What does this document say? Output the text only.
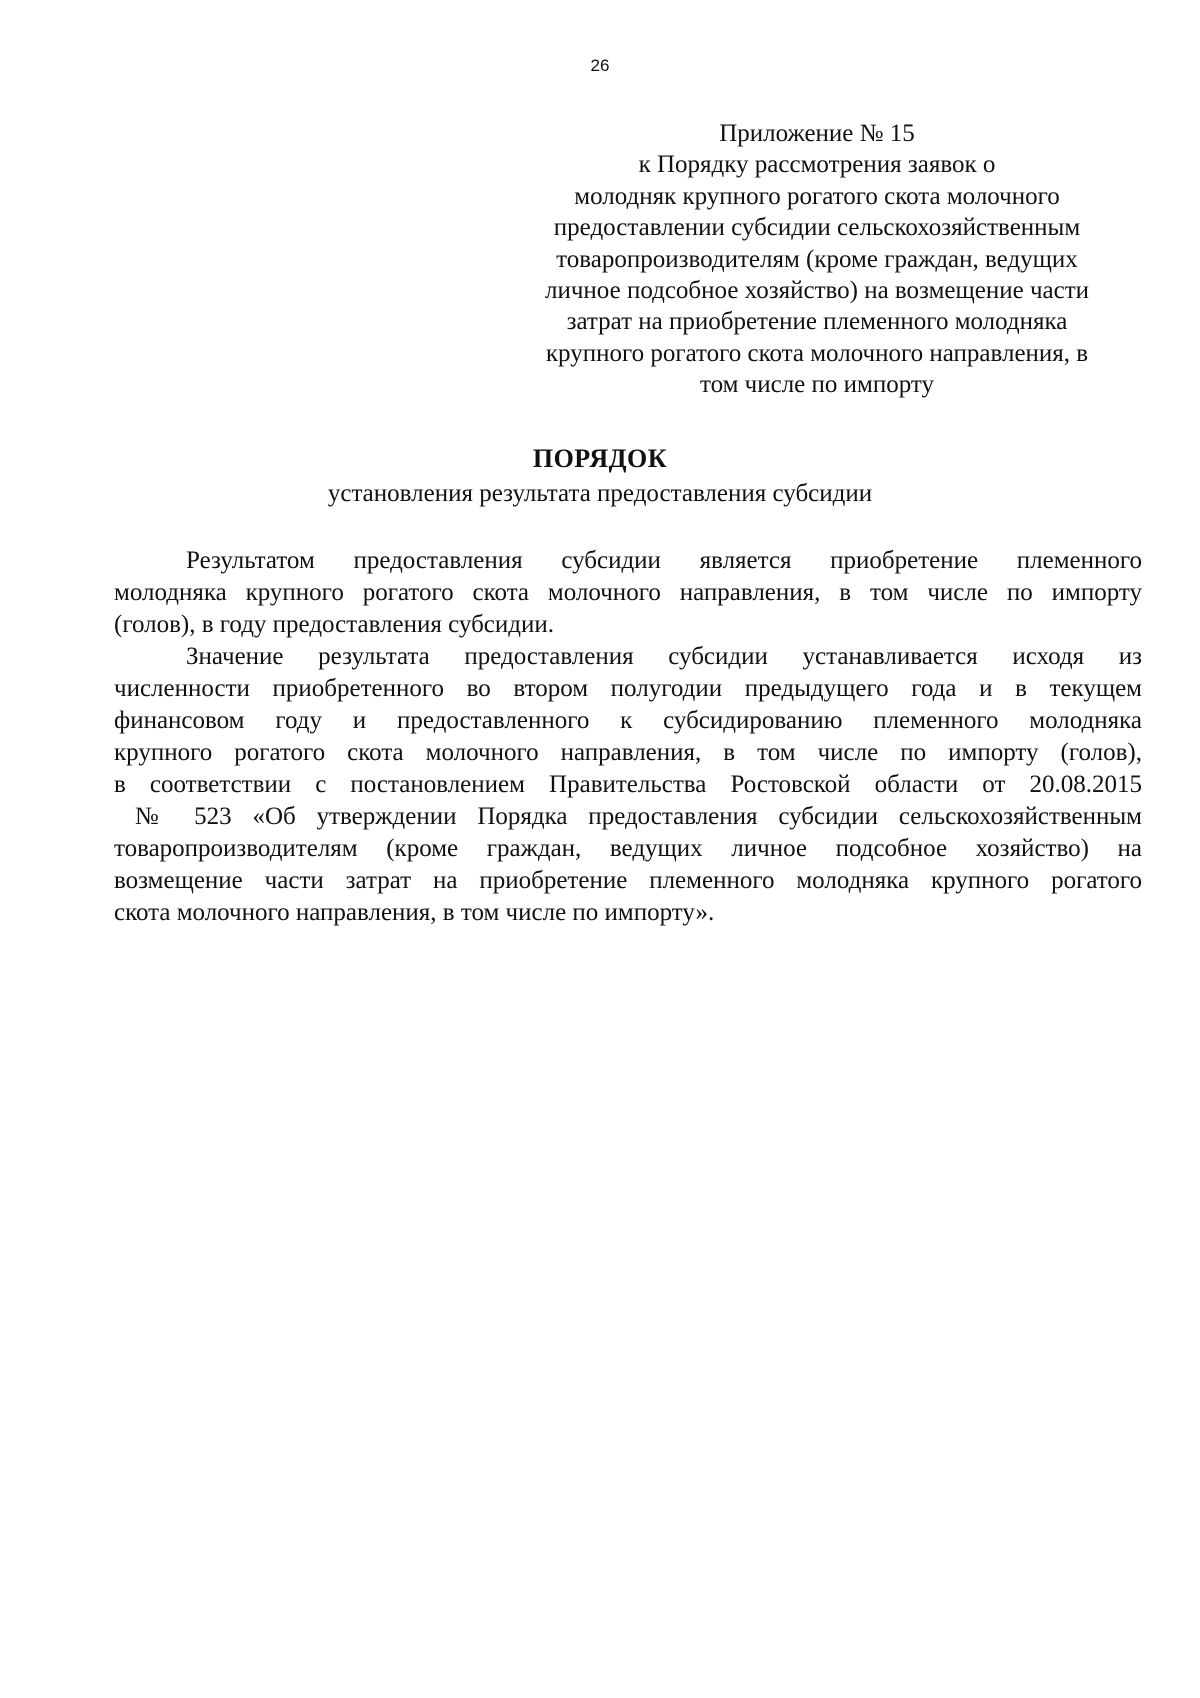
26
Приложение № 15
к Порядку рассмотрения заявок о
молодняк крупного рогатого скота молочного
предоставлении субсидии сельскохозяйственным
товаропроизводителям (кроме граждан, ведущих
личное подсобное хозяйство) на возмещение части
затрат на приобретение племенного молодняка
крупного рогатого скота молочного направления, в
том числе по импорту
ПОРЯДОК
установления результата предоставления субсидии
Результатом предоставления субсидии является приобретение племенного
молодняка крупного рогатого скота молочного направления, в том числе по импорту
(голов), в году предоставления субсидии.
Значение результата предоставления субсидии устанавливается исходя из
численности приобретенного во втором полугодии предыдущего года и в текущем
финансовом году и предоставленного к субсидированию племенного молодняка
крупного рогатого скота молочного направления, в том числе по импорту (голов),
в соответствии с постановлением Правительства Ростовской области от 20.08.2015
№ 523 «Об утверждении Порядка предоставления субсидии сельскохозяйственным
товаропроизводителям (кроме граждан, ведущих личное подсобное хозяйство) на
возмещение части затрат на приобретение племенного молодняка крупного рогатого
скота молочного направления, в том числе по импорту».
